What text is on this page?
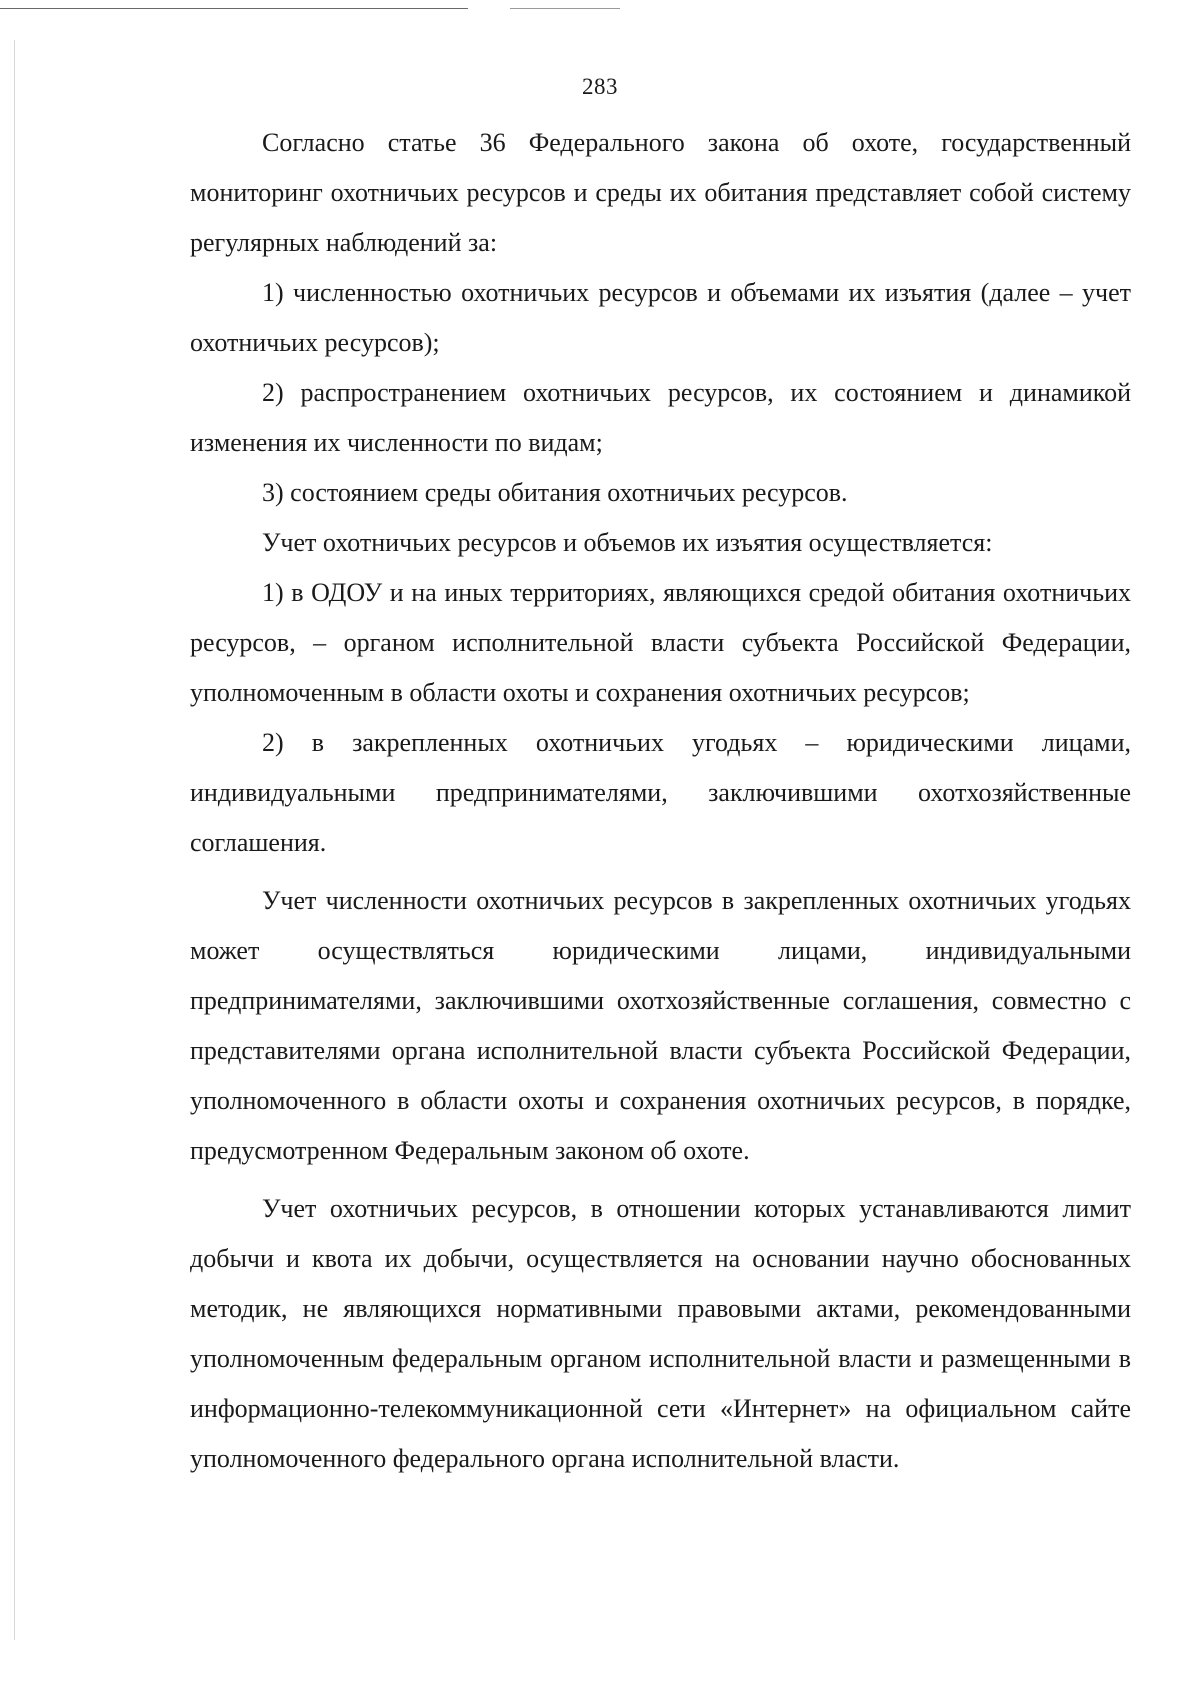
283

Согласно статье 36 Федерального закона об охоте, государственный мониторинг охотничьих ресурсов и среды их обитания представляет собой систему регулярных наблюдений за:

1) численностью охотничьих ресурсов и объемами их изъятия (далее – учет охотничьих ресурсов);

2) распространением охотничьих ресурсов, их состоянием и динамикой изменения их численности по видам;

3) состоянием среды обитания охотничьих ресурсов.

Учет охотничьих ресурсов и объемов их изъятия осуществляется:

1) в ОДОУ и на иных территориях, являющихся средой обитания охотничьих ресурсов, – органом исполнительной власти субъекта Российской Федерации, уполномоченным в области охоты и сохранения охотничьих ресурсов;

2) в закрепленных охотничьих угодьях – юридическими лицами, индивидуальными предпринимателями, заключившими охотхозяйственные соглашения.

Учет численности охотничьих ресурсов в закрепленных охотничьих угодьях может осуществляться юридическими лицами, индивидуальными предпринимателями, заключившими охотхозяйственные соглашения, совместно с представителями органа исполнительной власти субъекта Российской Федерации, уполномоченного в области охоты и сохранения охотничьих ресурсов, в порядке, предусмотренном Федеральным законом об охоте.

Учет охотничьих ресурсов, в отношении которых устанавливаются лимит добычи и квота их добычи, осуществляется на основании научно обоснованных методик, не являющихся нормативными правовыми актами, рекомендованными уполномоченным федеральным органом исполнительной власти и размещенными в информационно-телекоммуникационной сети «Интернет» на официальном сайте уполномоченного федерального органа исполнительной власти.
